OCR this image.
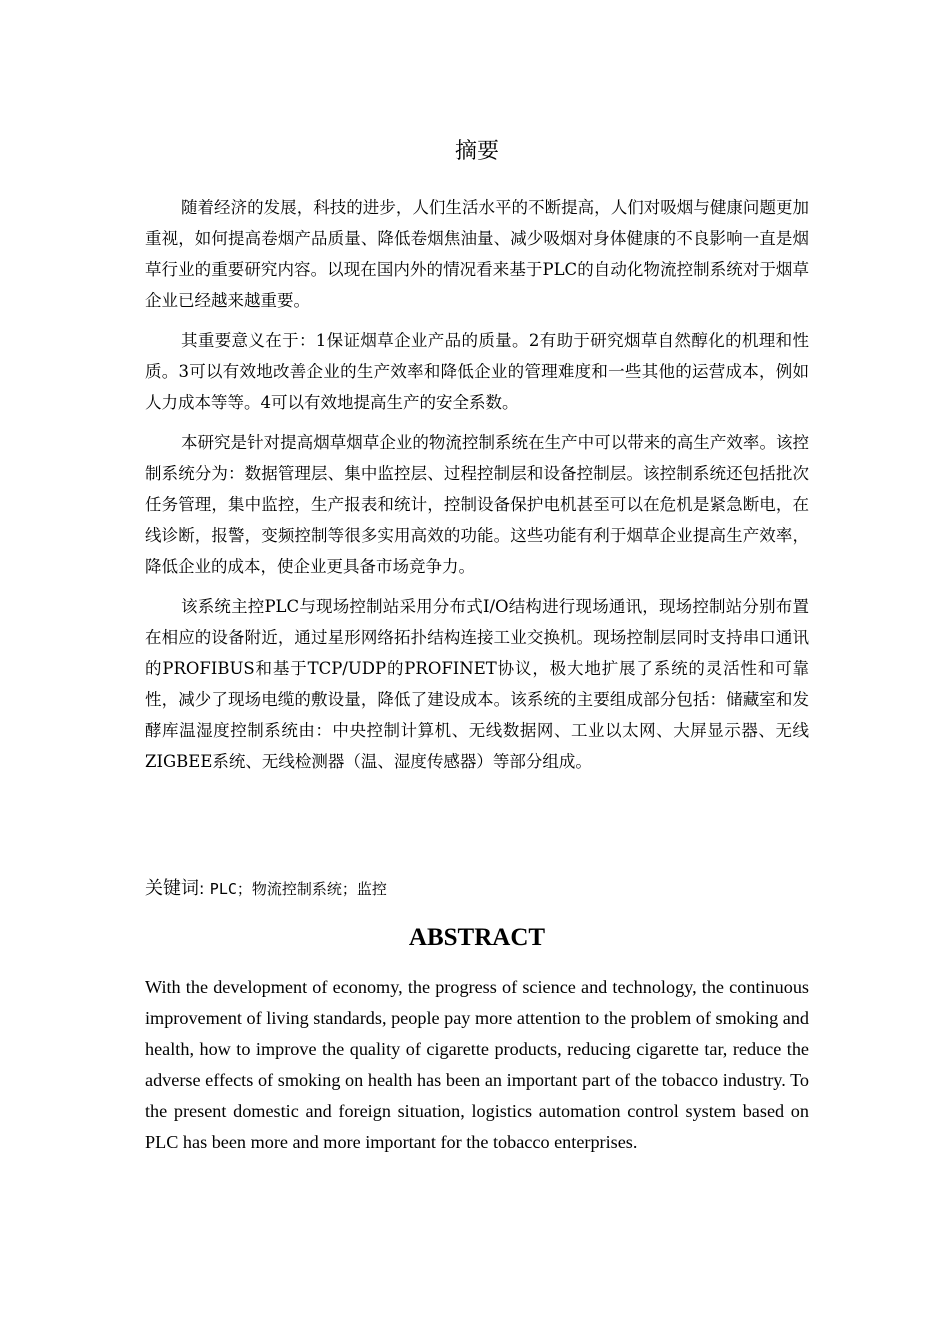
摘要

随着经济的发展，科技的进步，人们生活水平的不断提高，人们对吸烟与健康问题更加重视，如何提高卷烟产品质量、降低卷烟焦油量、减少吸烟对身体健康的不良影响一直是烟草行业的重要研究内容。以现在国内外的情况看来基于PLC的自动化物流控制系统对于烟草企业已经越来越重要。

其重要意义在于：1保证烟草企业产品的质量。2有助于研究烟草自然醇化的机理和性质。3可以有效地改善企业的生产效率和降低企业的管理难度和一些其他的运营成本，例如人力成本等等。4可以有效地提高生产的安全系数。

本研究是针对提高烟草烟草企业的物流控制系统在生产中可以带来的高生产效率。该控制系统分为：数据管理层、集中监控层、过程控制层和设备控制层。该控制系统还包括批次任务管理，集中监控，生产报表和统计，控制设备保护电机甚至可以在危机是紧急断电，在线诊断，报警，变频控制等很多实用高效的功能。这些功能有利于烟草企业提高生产效率，降低企业的成本，使企业更具备市场竞争力。

该系统主控PLC与现场控制站采用分布式I/O结构进行现场通讯，现场控制站分别布置在相应的设备附近，通过星形网络拓扑结构连接工业交换机。现场控制层同时支持串口通讯的PROFIBUS和基于TCP/UDP的PROFINET协议，极大地扩展了系统的灵活性和可靠性，减少了现场电缆的敷设量，降低了建设成本。该系统的主要组成部分包括：储藏室和发酵库温湿度控制系统由：中央控制计算机、无线数据网、工业以太网、大屏显示器、无线ZIGBEE系统、无线检测器（温、湿度传感器）等部分组成。

关键词: PLC；物流控制系统；监控

ABSTRACT

With the development of economy, the progress of science and technology, the continuous improvement of living standards, people pay more attention to the problem of smoking and health, how to improve the quality of cigarette products, reducing cigarette tar, reduce the adverse effects of smoking on health has been an important part of the tobacco industry. To the present domestic and foreign situation, logistics automation control system based on PLC has been more and more important for the tobacco enterprises.
